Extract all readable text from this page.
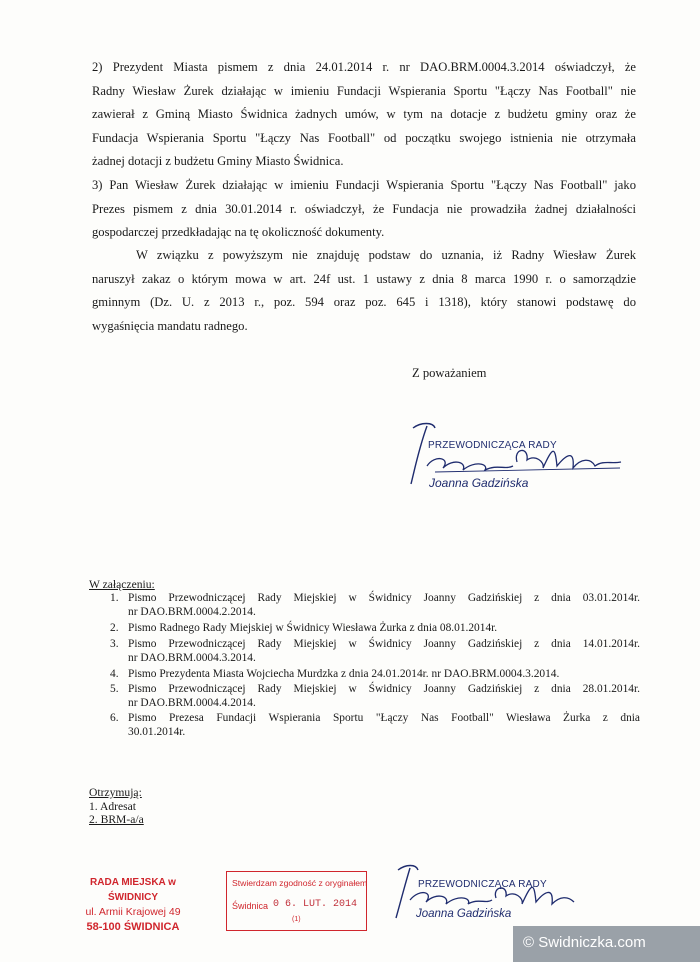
2) Prezydent Miasta pismem z dnia 24.01.2014 r. nr DAO.BRM.0004.3.2014 oświadczył, że
Radny Wiesław Żurek działając w imieniu Fundacji Wspierania Sportu "Łączy Nas Football" nie
zawierał z Gminą Miasto Świdnica żadnych umów, w tym na dotacje z budżetu gminy oraz że
Fundacja Wspierania Sportu "Łączy Nas Football" od początku swojego istnienia nie otrzymała
żadnej dotacji z budżetu Gminy Miasto Świdnica.
3) Pan Wiesław Żurek działając w imieniu Fundacji Wspierania Sportu "Łączy Nas Football" jako
Prezes pismem z dnia 30.01.2014 r. oświadczył, że Fundacja nie prowadziła żadnej działalności
gospodarczej przedkładając na tę okoliczność dokumenty.
W związku z powyższym nie znajduję podstaw do uznania, iż Radny Wiesław Żurek
naruszył zakaz o którym mowa w art. 24f ust. 1 ustawy z dnia 8 marca 1990 r. o samorządzie
gminnym (Dz. U. z 2013 r., poz. 594 oraz poz. 645 i 1318), który stanowi podstawę do
wygaśnięcia mandatu radnego.
Z poważaniem
PRZEWODNICZĄCA RADY
Joanna Gadzińska
W załączeniu:
1. Pismo Przewodniczącej Rady Miejskiej w Świdnicy Joanny Gadzińskiej z dnia 03.01.2014r.
nr DAO.BRM.0004.2.2014.
2. Pismo Radnego Rady Miejskiej w Świdnicy Wiesława Żurka z dnia 08.01.2014r.
3. Pismo Przewodniczącej Rady Miejskiej w Świdnicy Joanny Gadzińskiej z dnia 14.01.2014r.
nr DAO.BRM.0004.3.2014.
4. Pismo Prezydenta Miasta Wojciecha Murdzka z dnia 24.01.2014r. nr DAO.BRM.0004.3.2014.
5. Pismo Przewodniczącej Rady Miejskiej w Świdnicy Joanny Gadzińskiej z dnia 28.01.2014r.
nr DAO.BRM.0004.4.2014.
6. Pismo Prezesa Fundacji Wspierania Sportu "Łączy Nas Football" Wiesława Żurka z dnia
30.01.2014r.
Otrzymują:
1. Adresat
2. BRM-a/a
RADA MIEJSKA w ŚWIDNICY
ul. Armii Krajowej 49
58-100 ŚWIDNICA
Stwierdzam zgodność z oryginałem
Świdnica 0 6. LUT. 2014
(1)
PRZEWODNICZĄCA RADY
Joanna Gadzińska
© Swidniczka.com
